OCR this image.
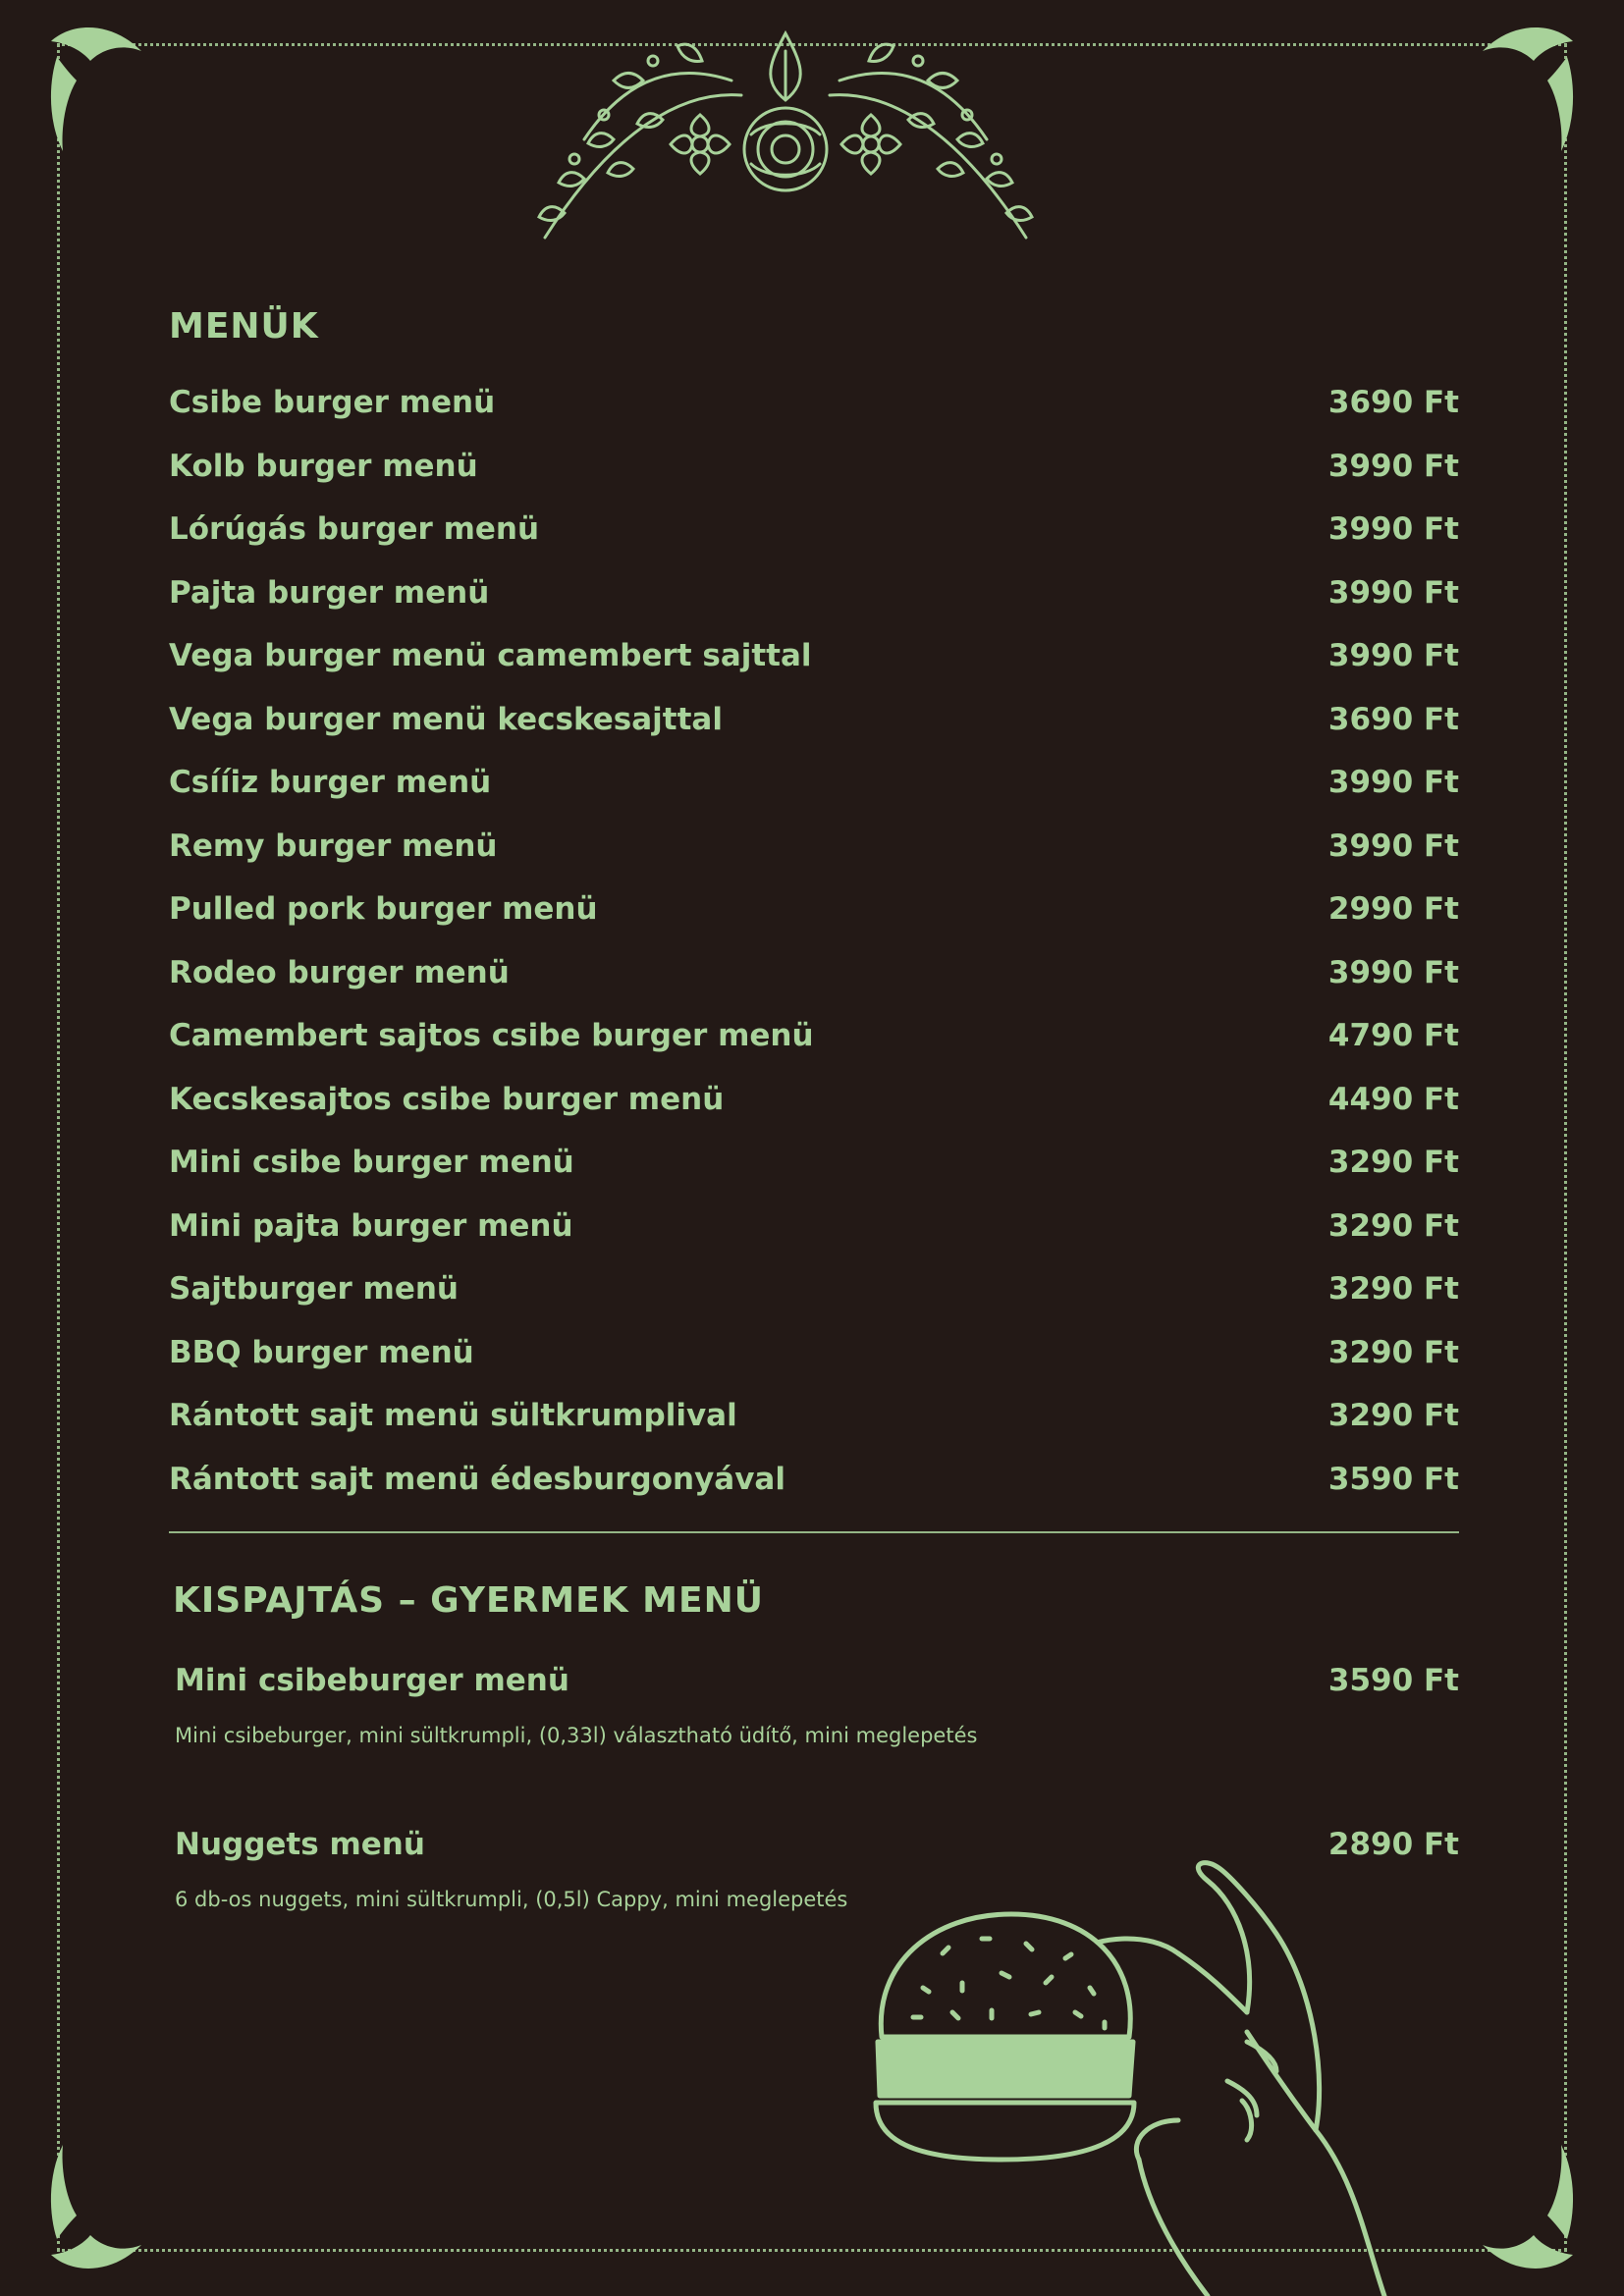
MENÜK
Csibe burger menü	3690 Ft
Kolb burger menü	3990 Ft
Lórúgás burger menü	3990 Ft
Pajta burger menü	3990 Ft
Vega burger menü camembert sajttal	3990 Ft
Vega burger menü kecskesajttal	3690 Ft
Csííiz burger menü	3990 Ft
Remy burger menü	3990 Ft
Pulled pork burger menü	2990 Ft
Rodeo burger menü	3990 Ft
Camembert sajtos csibe burger menü	4790 Ft
Kecskesajtos csibe burger menü	4490 Ft
Mini csibe burger menü	3290 Ft
Mini pajta burger menü	3290 Ft
Sajtburger menü	3290 Ft
BBQ burger menü	3290 Ft
Rántott sajt menü sültkrumplival	3290 Ft
Rántott sajt menü édesburgonyával	3590 Ft
KISPAJTÁS – GYERMEK MENÜ
Mini csibeburger menü	3590 Ft
Mini csibeburger, mini sültkrumpli, (0,33l) választható üdítő, mini meglepetés
Nuggets menü	2890 Ft
6 db-os nuggets, mini sültkrumpli, (0,5l) Cappy, mini meglepetés
